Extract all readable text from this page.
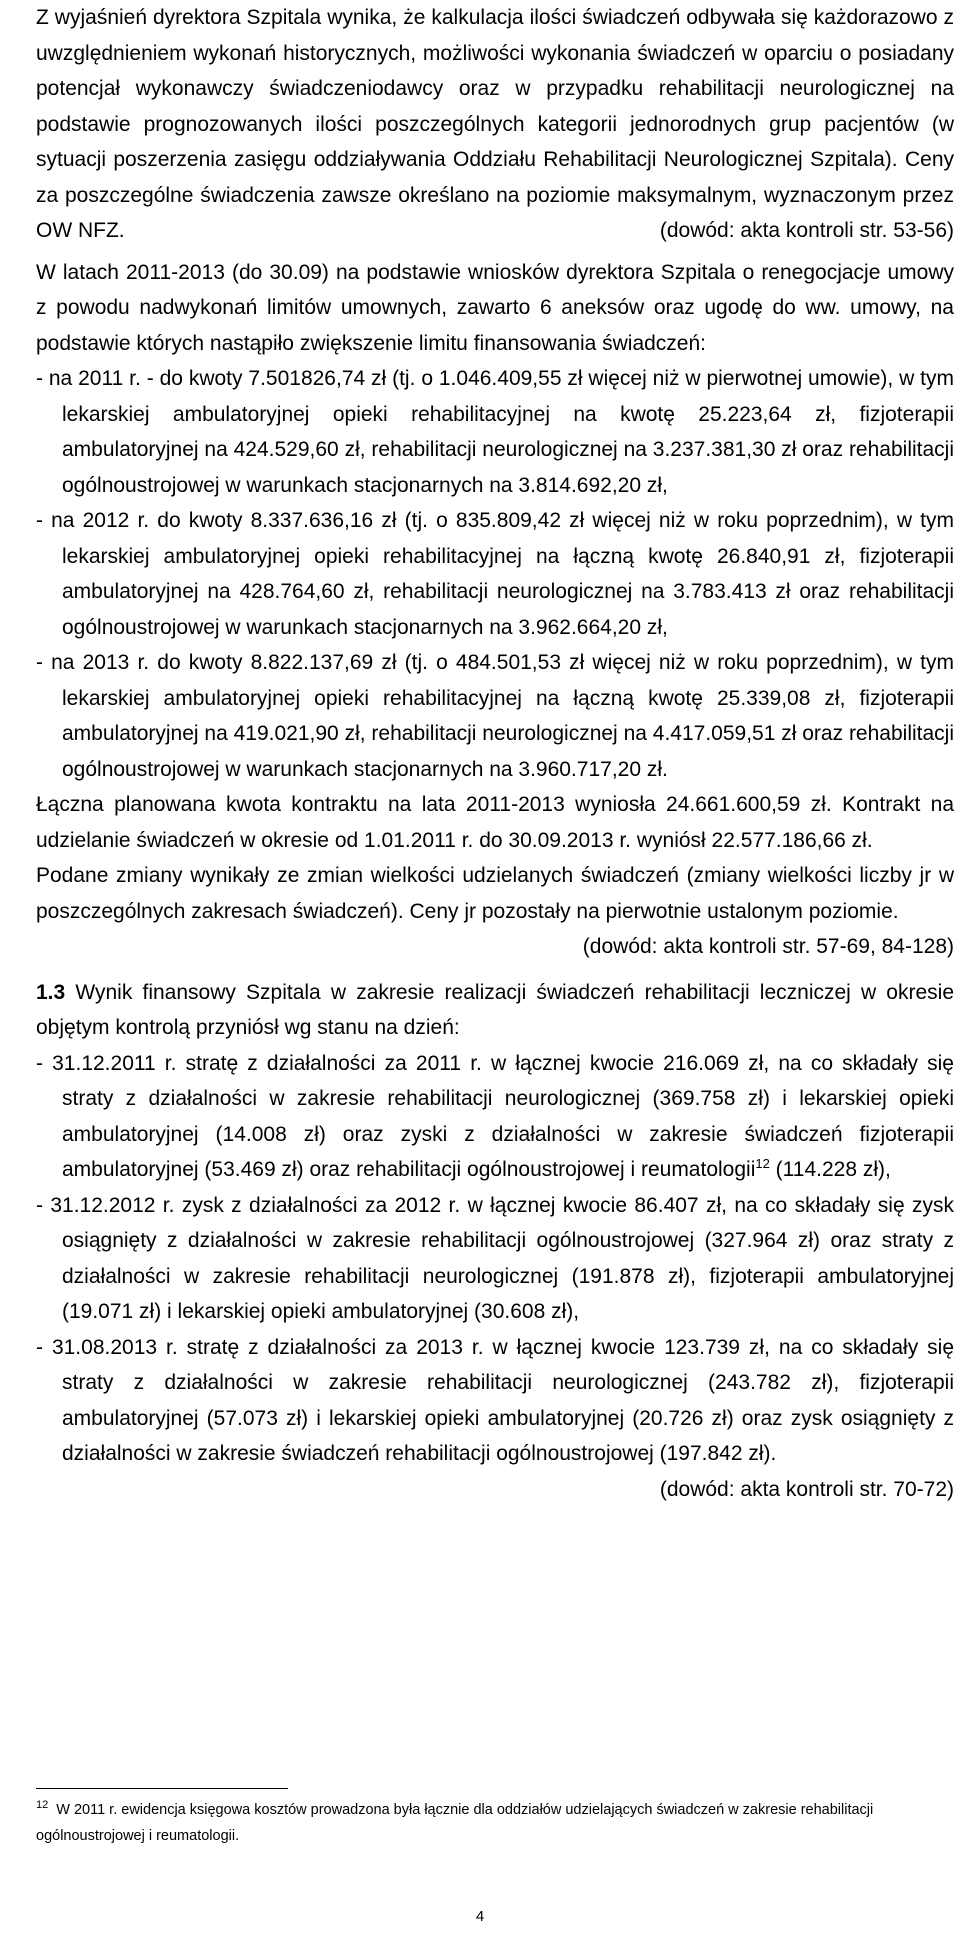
Z wyjaśnień dyrektora Szpitala wynika, że kalkulacja ilości świadczeń odbywała się każdorazowo z uwzględnieniem wykonań historycznych, możliwości wykonania świadczeń w oparciu o posiadany potencjał wykonawczy świadczeniodawcy oraz w przypadku rehabilitacji neurologicznej na podstawie prognozowanych ilości poszczególnych kategorii jednorodnych grup pacjentów (w sytuacji poszerzenia zasięgu oddziaływania Oddziału Rehabilitacji Neurologicznej Szpitala). Ceny za poszczególne świadczenia zawsze określano na poziomie maksymalnym, wyznaczonym przez OW NFZ.	(dowód: akta kontroli str. 53-56)

W latach 2011-2013 (do 30.09) na podstawie wniosków dyrektora Szpitala o renegocjacje umowy z powodu nadwykonań limitów umownych, zawarto 6 aneksów oraz ugodę do ww. umowy, na podstawie których nastąpiło zwiększenie limitu finansowania świadczeń:

- na 2011 r. - do kwoty 7.501826,74 zł (tj. o 1.046.409,55 zł więcej niż w pierwotnej umowie), w tym lekarskiej ambulatoryjnej opieki rehabilitacyjnej na kwotę 25.223,64 zł, fizjoterapii ambulatoryjnej na 424.529,60 zł, rehabilitacji neurologicznej na 3.237.381,30 zł oraz rehabilitacji ogólnoustrojowej w warunkach stacjonarnych na 3.814.692,20 zł,

- na 2012 r. do kwoty 8.337.636,16 zł (tj. o 835.809,42 zł więcej niż w roku poprzednim), w tym lekarskiej ambulatoryjnej opieki rehabilitacyjnej na łączną kwotę 26.840,91 zł, fizjoterapii ambulatoryjnej na 428.764,60 zł, rehabilitacji neurologicznej na 3.783.413 zł oraz rehabilitacji ogólnoustrojowej w warunkach stacjonarnych na 3.962.664,20 zł,

- na 2013 r. do kwoty 8.822.137,69 zł (tj. o 484.501,53 zł więcej niż w roku poprzednim), w tym lekarskiej ambulatoryjnej opieki rehabilitacyjnej na łączną kwotę 25.339,08 zł, fizjoterapii ambulatoryjnej na 419.021,90 zł, rehabilitacji neurologicznej na 4.417.059,51 zł oraz rehabilitacji ogólnoustrojowej w warunkach stacjonarnych na 3.960.717,20 zł.

Łączna planowana kwota kontraktu na lata 2011-2013 wyniosła 24.661.600,59 zł. Kontrakt na udzielanie świadczeń w okresie od 1.01.2011 r. do 30.09.2013 r. wyniósł 22.577.186,66 zł.

Podane zmiany wynikały ze zmian wielkości udzielanych świadczeń (zmiany wielkości liczby jr w poszczególnych zakresach świadczeń). Ceny jr pozostały na pierwotnie ustalonym poziomie.
(dowód: akta kontroli str. 57-69, 84-128)

1.3 Wynik finansowy Szpitala w zakresie realizacji świadczeń rehabilitacji leczniczej w okresie objętym kontrolą przyniósł wg stanu na dzień:

- 31.12.2011 r. stratę z działalności za 2011 r. w łącznej kwocie 216.069 zł, na co składały się straty z działalności w zakresie rehabilitacji neurologicznej (369.758 zł) i lekarskiej opieki ambulatoryjnej (14.008 zł) oraz zyski z działalności w zakresie świadczeń fizjoterapii ambulatoryjnej (53.469 zł) oraz rehabilitacji ogólnoustrojowej i reumatologii$^{12}$ (114.228 zł),

- 31.12.2012 r. zysk z działalności za 2012 r. w łącznej kwocie 86.407 zł, na co składały się zysk osiągnięty z działalności w zakresie rehabilitacji ogólnoustrojowej (327.964 zł) oraz straty z działalności w zakresie rehabilitacji neurologicznej (191.878 zł), fizjoterapii ambulatoryjnej (19.071 zł) i lekarskiej opieki ambulatoryjnej (30.608 zł),

- 31.08.2013 r. stratę z działalności za 2013 r. w łącznej kwocie 123.739 zł, na co składały się straty z działalności w zakresie rehabilitacji neurologicznej (243.782 zł), fizjoterapii ambulatoryjnej (57.073 zł) i lekarskiej opieki ambulatoryjnej (20.726 zł) oraz zysk osiągnięty z działalności w zakresie świadczeń rehabilitacji ogólnoustrojowej (197.842 zł).
(dowód: akta kontroli str. 70-72)

$^{12}$ W 2011 r. ewidencja księgowa kosztów prowadzona była łącznie dla oddziałów udzielających świadczeń w zakresie rehabilitacji ogólnoustrojowej i reumatologii.
4
